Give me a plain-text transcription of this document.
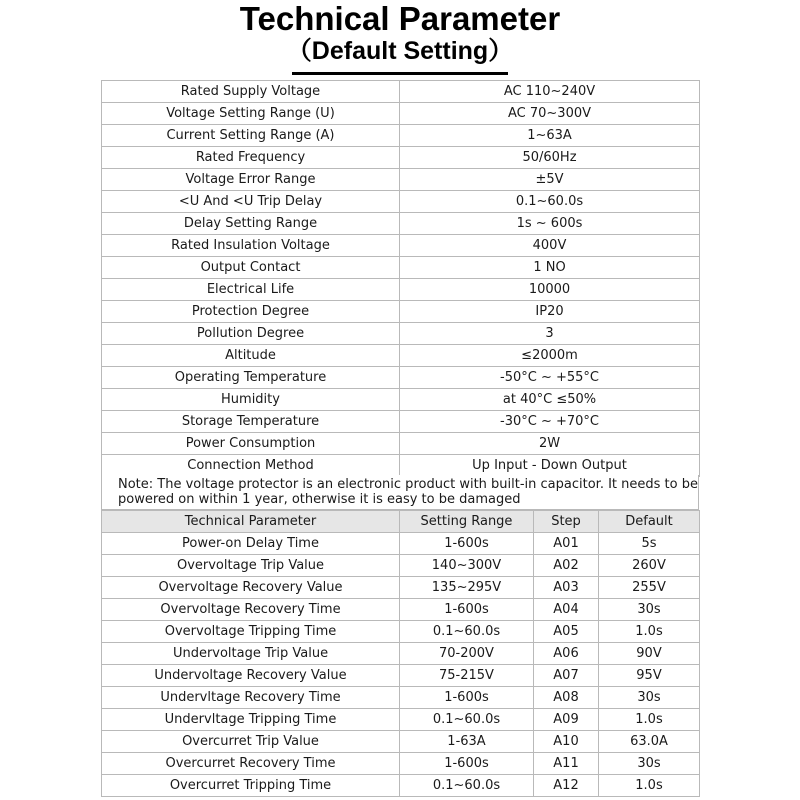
Technical Parameter
（Default Setting）
Rated Supply Voltage	AC 110~240V
Voltage Setting Range (U)	AC 70~300V
Current Setting Range (A)	1~63A
Rated Frequency	50/60Hz
Voltage Error Range	±5V
<U And <U Trip Delay	0.1~60.0s
Delay Setting Range	1s ~ 600s
Rated Insulation Voltage	400V
Output Contact	1 NO
Electrical Life	10000
Protection Degree	IP20
Pollution Degree	3
Altitude	≤2000m
Operating Temperature	-50°C ~ +55°C
Humidity	at 40°C ≤50%
Storage Temperature	-30°C ~ +70°C
Power Consumption	2W
Connection Method	Up Input - Down Output
Note: The voltage protector is an electronic product with built-in capacitor. It needs to be powered on within 1 year, otherwise it is easy to be damaged
Technical Parameter	Setting Range	Step	Default
Power-on Delay Time	1-600s	A01	5s
Overvoltage Trip Value	140~300V	A02	260V
Overvoltage Recovery Value	135~295V	A03	255V
Overvoltage Recovery Time	1-600s	A04	30s
Overvoltage Tripping Time	0.1~60.0s	A05	1.0s
Undervoltage Trip Value	70-200V	A06	90V
Undervoltage Recovery Value	75-215V	A07	95V
Undervltage Recovery Time	1-600s	A08	30s
Undervltage Tripping Time	0.1~60.0s	A09	1.0s
Overcurret Trip Value	1-63A	A10	63.0A
Overcurret Recovery Time	1-600s	A11	30s
Overcurret Tripping Time	0.1~60.0s	A12	1.0s
